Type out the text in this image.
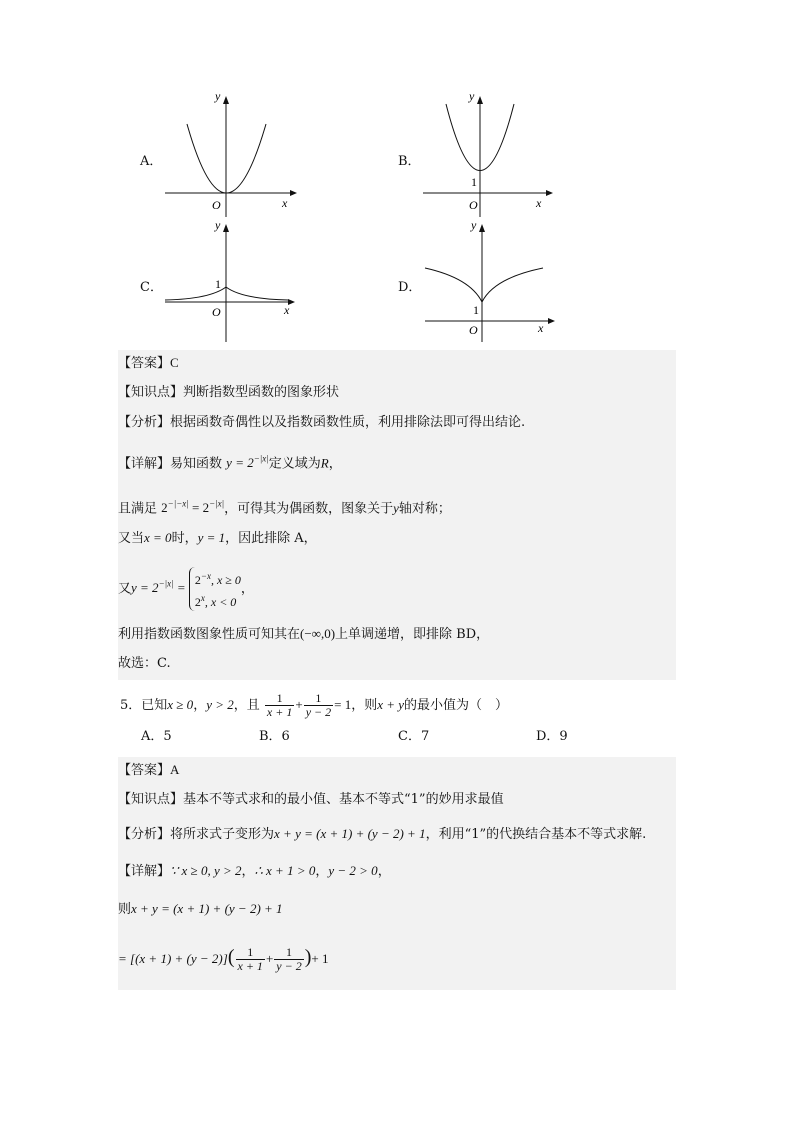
A．
y
x
O
B．
y
x
O
1
C．
y
x
O
1	D．
y
x
O
1
【答案】C
【知识点】判断指数型函数的图象形状
【分析】根据函数奇偶性以及指数函数性质，利用排除法即可得出结论.
【详解】易知函数 $y = 2^{-|x|}$定义域为R，
且满足 $2^{-|-x|} = 2^{-|x|}$，可得其为偶函数，图象关于y轴对称；
又当x = 0时，y = 1，因此排除 A，
又$y = 2^{-|x|} = 2^{-x}$, x ≥ 0
2$^x$, x < 0，
利用指数函数图象性质可知其在(−∞,0)上单调递增，即排除 BD，
故选：C.
5．已知x ≥ 0，y > 2，且 $\frac{1}{x + 1} + \frac{1}{y - 2} = 1$，则x + y的最小值为（　）
A．5	B．6	C．7	D．9
【答案】A
【知识点】基本不等式求和的最小值、基本不等式“1”的妙用求最值
【分析】将所求式子变形为x + y = (x + 1) + (y − 2) + 1，利用“1”的代换结合基本不等式求解.
【详解】∵ x ≥ 0, y > 2，∴ x + 1 > 0，y − 2 > 0，
则x + y = (x + 1) + (y − 2) + 1
= $[(x + 1) + (y - 2)]( \frac{1}{x + 1} + \frac{1}{y - 2}$ )+ 1
